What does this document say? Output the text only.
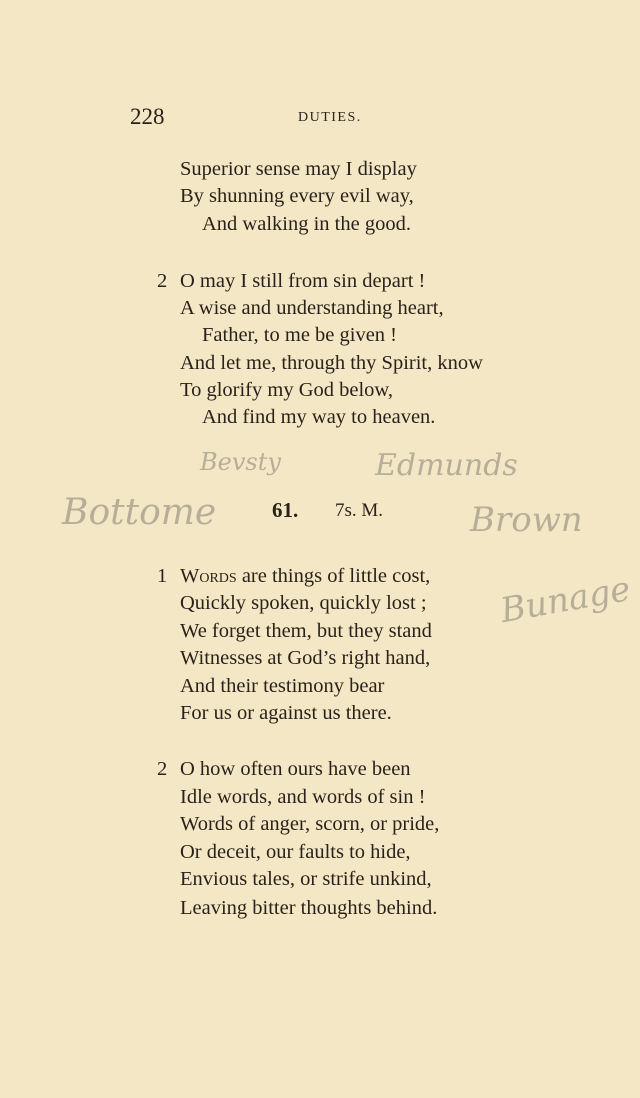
228	DUTIES.
Superior sense may I display
By shunning every evil way,
And walking in the good.
2 O may I still from sin depart !
A wise and understanding heart,
Father, to me be given !
And let me, through thy Spirit, know
To glorify my God below,
And find my way to heaven.
Bevsty	Edmunds
Bottome	Brown
Bunage
61. 7s. M.
1 Words are things of little cost,
Quickly spoken, quickly lost ;
We forget them, but they stand
Witnesses at God’s right hand,
And their testimony bear
For us or against us there.
2 O how often ours have been
Idle words, and words of sin !
Words of anger, scorn, or pride,
Or deceit, our faults to hide,
Envious tales, or strife unkind,
Leaving bitter thoughts behind.
